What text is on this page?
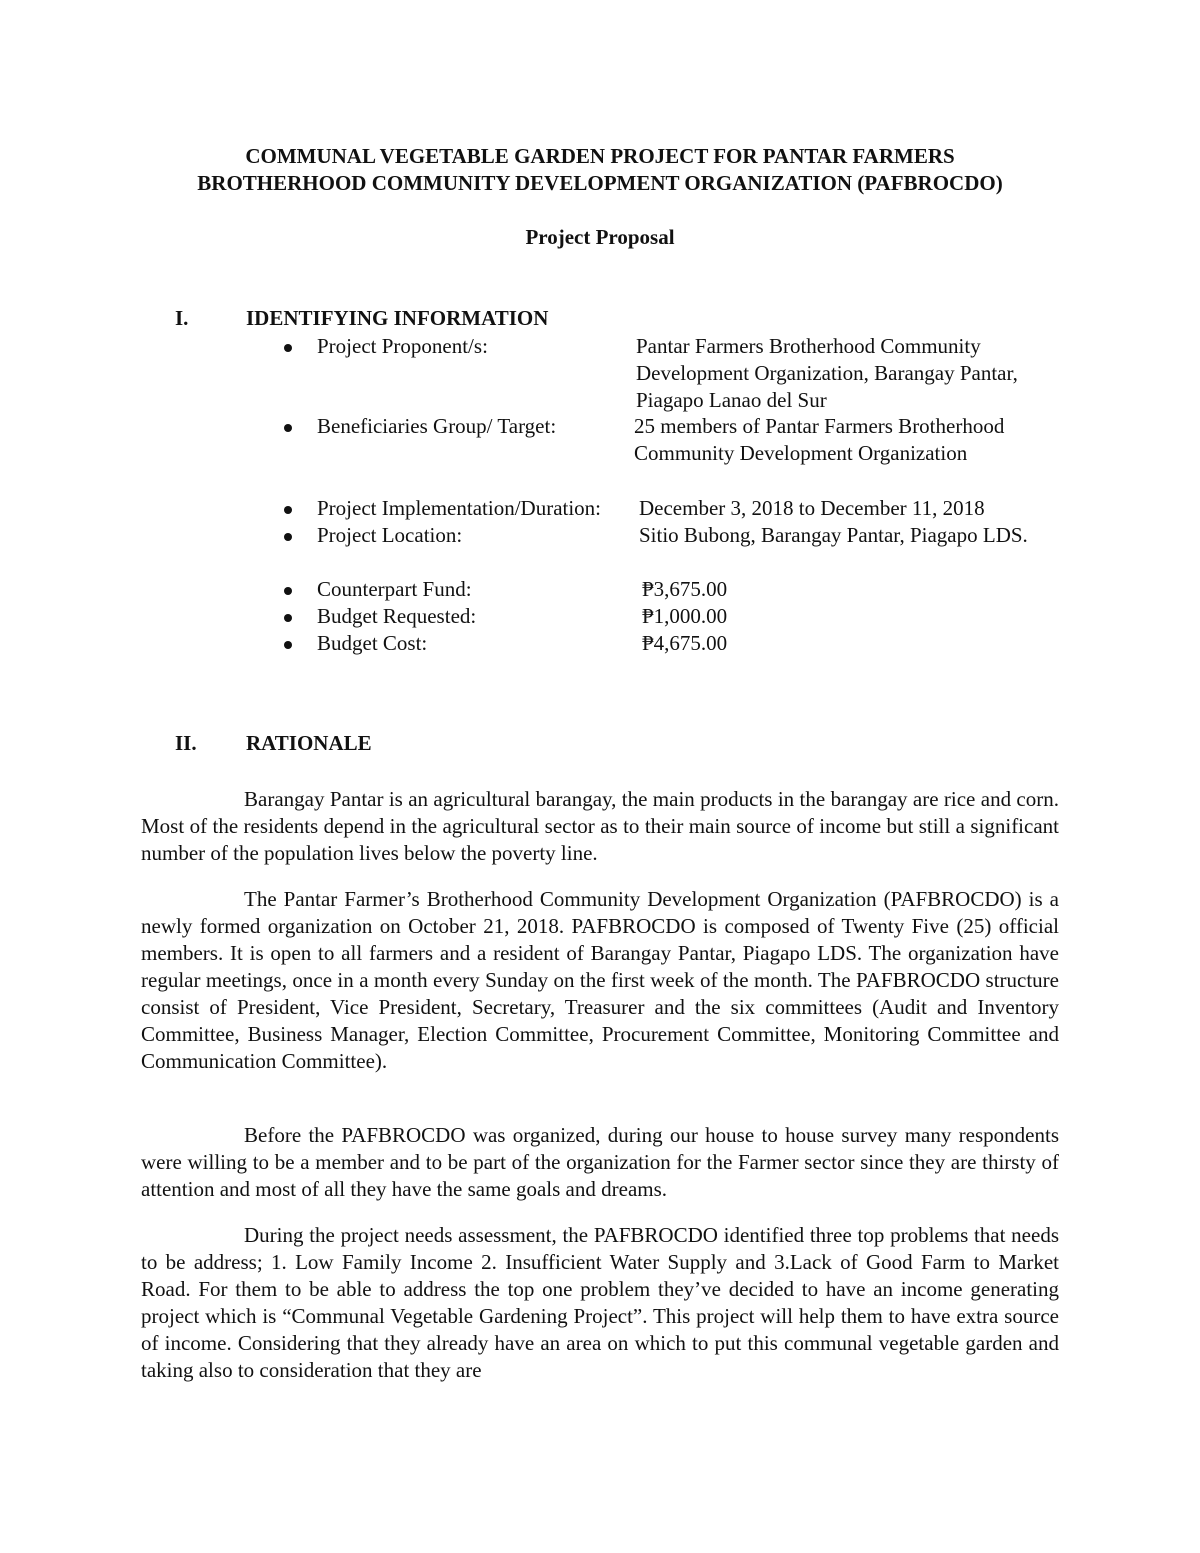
COMMUNAL VEGETABLE GARDEN PROJECT FOR PANTAR FARMERS
BROTHERHOOD COMMUNITY DEVELOPMENT ORGANIZATION (PAFBROCDO)
Project Proposal
I.	IDENTIFYING INFORMATION
Project Proponent/s:	Pantar Farmers Brotherhood Community Development Organization, Barangay Pantar, Piagapo Lanao del Sur
Beneficiaries Group/ Target:	25 members of Pantar Farmers Brotherhood Community Development Organization
Project Implementation/Duration: December 3, 2018 to December 11, 2018
Project Location:	Sitio Bubong, Barangay Pantar, Piagapo LDS.
Counterpart Fund:	₱3,675.00
Budget Requested:	₱1,000.00
Budget Cost:	₱4,675.00
II. RATIONALE

Barangay Pantar is an agricultural barangay, the main products in the barangay are rice and corn. Most of the residents depend in the agricultural sector as to their main source of income but still a significant number of the population lives below the poverty line.

The Pantar Farmer’s Brotherhood Community Development Organization (PAFBROCDO) is a newly formed organization on October 21, 2018. PAFBROCDO is composed of Twenty Five (25) official members. It is open to all farmers and a resident of Barangay Pantar, Piagapo LDS. The organization have regular meetings, once in a month every Sunday on the first week of the month. The PAFBROCDO structure consist of President, Vice President, Secretary, Treasurer and the six committees (Audit and Inventory Committee, Business Manager, Election Committee, Procurement Committee, Monitoring Committee and Communication Committee).

Before the PAFBROCDO was organized, during our house to house survey many respondents were willing to be a member and to be part of the organization for the Farmer sector since they are thirsty of attention and most of all they have the same goals and dreams.

During the project needs assessment, the PAFBROCDO identified three top problems that needs to be address; 1. Low Family Income 2. Insufficient Water Supply and 3.Lack of Good Farm to Market Road. For them to be able to address the top one problem they’ve decided to have an income generating project which is “Communal Vegetable Gardening Project”. This project will help them to have extra source of income. Considering that they already have an area on which to put this communal vegetable garden and taking also to consideration that they are
